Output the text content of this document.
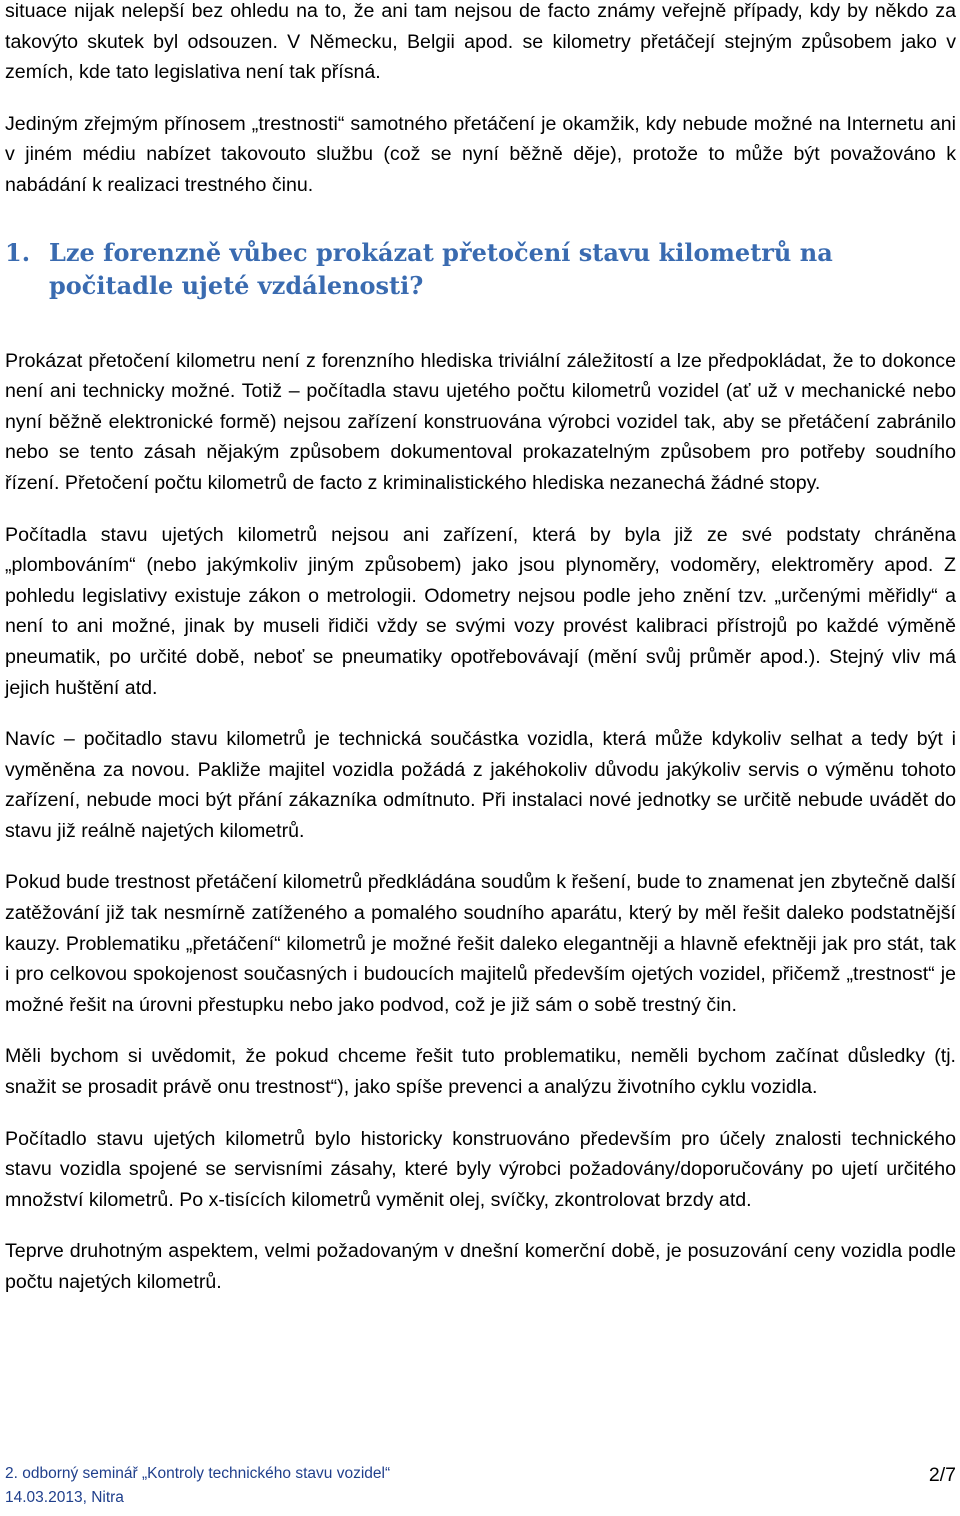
situace nijak nelepší bez ohledu na to, že ani tam nejsou de facto známy veřejně případy, kdy by někdo za takovýto skutek byl odsouzen. V Německu, Belgii apod. se kilometry přetáčejí stejným způsobem jako v zemích, kde tato legislativa není tak přísná.

Jediným zřejmým přínosem „trestnosti“ samotného přetáčení je okamžik, kdy nebude možné na Internetu ani v jiném médiu nabízet takovouto službu (což se nyní běžně děje), protože to může být považováno k nabádání k realizaci trestného činu.

1. Lze forenzně vůbec prokázat přetočení stavu kilometrů na počitadle ujeté vzdálenosti?

Prokázat přetočení kilometru není z forenzního hlediska triviální záležitostí a lze předpokládat, že to dokonce není ani technicky možné. Totiž – počítadla stavu ujetého počtu kilometrů vozidel (ať už v mechanické nebo nyní běžně elektronické formě) nejsou zařízení konstruována výrobci vozidel tak, aby se přetáčení zabránilo nebo se tento zásah nějakým způsobem dokumentoval prokazatelným způsobem pro potřeby soudního řízení. Přetočení počtu kilometrů de facto z kriminalistického hlediska nezanechá žádné stopy.

Počítadla stavu ujetých kilometrů nejsou ani zařízení, která by byla již ze své podstaty chráněna „plombováním“ (nebo jakýmkoliv jiným způsobem) jako jsou plynoměry, vodoměry, elektroměry apod. Z pohledu legislativy existuje zákon o metrologii. Odometry nejsou podle jeho znění tzv. „určenými měřidly“ a není to ani možné, jinak by museli řidiči vždy se svými vozy provést kalibraci přístrojů po každé výměně pneumatik, po určité době, neboť se pneumatiky opotřebovávají (mění svůj průměr apod.). Stejný vliv má jejich huštění atd.

Navíc – počitadlo stavu kilometrů je technická součástka vozidla, která může kdykoliv selhat a tedy být i vyměněna za novou. Pakliže majitel vozidla požádá z jakéhokoliv důvodu jakýkoliv servis o výměnu tohoto zařízení, nebude moci být přání zákazníka odmítnuto. Při instalaci nové jednotky se určitě nebude uvádět do stavu již reálně najetých kilometrů.

Pokud bude trestnost přetáčení kilometrů předkládána soudům k řešení, bude to znamenat jen zbytečně další zatěžování již tak nesmírně zatíženého a pomalého soudního aparátu, který by měl řešit daleko podstatnější kauzy. Problematiku „přetáčení“ kilometrů je možné řešit daleko elegantněji a hlavně efektněji jak pro stát, tak i pro celkovou spokojenost současných i budoucích majitelů především ojetých vozidel, přičemž „trestnost“ je možné řešit na úrovni přestupku nebo jako podvod, což je již sám o sobě trestný čin.

Měli bychom si uvědomit, že pokud chceme řešit tuto problematiku, neměli bychom začínat důsledky (tj. snažit se prosadit právě onu trestnost“), jako spíše prevenci a analýzu životního cyklu vozidla.

Počítadlo stavu ujetých kilometrů bylo historicky konstruováno především pro účely znalosti technického stavu vozidla spojené se servisními zásahy, které byly výrobci požadovány/doporučovány po ujetí určitého množství kilometrů. Po x-tisících kilometrů vyměnit olej, svíčky, zkontrolovat brzdy atd.

Teprve druhotným aspektem, velmi požadovaným v dnešní komerční době, je posuzování ceny vozidla podle počtu najetých kilometrů.

2. odborný seminář „Kontroly technického stavu vozidel“
14.03.2013, Nitra
2/7
